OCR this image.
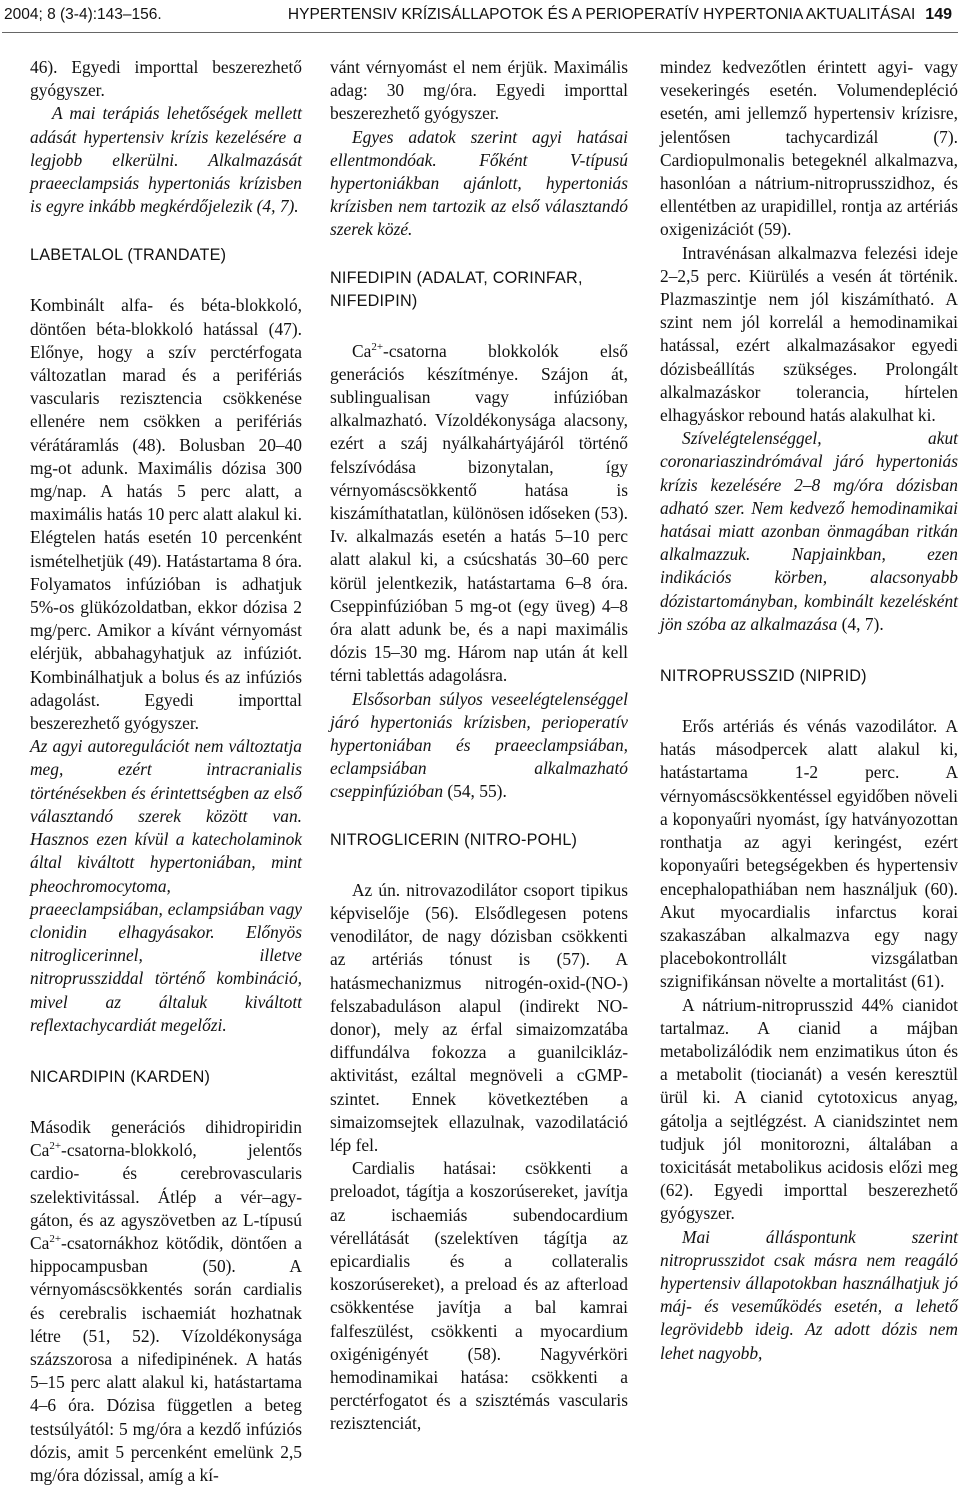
2004; 8 (3-4):143–156.	HYPERTENSIV KRÍZISÁLLAPOTOK ÉS A PERIOPERATÍV HYPERTONIA AKTUALITÁSAI 149

46). Egyedi importtal beszerezhető gyógyszer.

A mai terápiás lehetőségek mellett adását hypertensiv krízis kezelésére a legjobb elkerülni. Alkalmazását praeeclampsiás hypertoniás krízisben is egyre inkább megkérdőjelezik (4, 7).

LABETALOL (TRANDATE)

Kombinált alfa- és béta-blokkoló, döntően béta-blokkoló hatással (47). Előnye, hogy a szív perctérfogata változatlan marad és a perifériás vascularis rezisztencia csökkenése ellenére nem csökken a perifériás vérátáramlás (48). Bolusban 20–40 mg-ot adunk. Maximális dózisa 300 mg/nap. A hatás 5 perc alatt, a maximális hatás 10 perc alatt alakul ki. Elégtelen hatás esetén 10 percenként ismételhetjük (49). Hatástartama 8 óra. Folyamatos infúzióban is adhatjuk 5%-os glükózoldatban, ekkor dózisa 2 mg/perc. Amikor a kívánt vérnyomást elérjük, abbahagyhatjuk az infúziót. Kombinálhatjuk a bolus és az infúziós adagolást. Egyedi importtal beszerezhető gyógyszer.

Az agyi autoregulációt nem változtatja meg, ezért intracranialis történésekben és érintettségben az első választandó szerek között van. Hasznos ezen kívül a katecholaminok által kiváltott hypertoniában, mint pheochromocytoma, praeeclampsiában, eclampsiában vagy clonidin elhagyásakor. Előnyös nitroglicerinnel, illetve nitroprussziddal történő kombináció, mivel az általuk kiváltott reflextachycardiát megelőzi.

NICARDIPIN (KARDEN)

Második generációs dihidropiridin $Ca^{2+}-csatorna$-blokkoló, jelentős cardio- és cerebrovascularis szelektivitással. Átlép a vér–agy-gáton, és az agyszövetben az L-típusú $Ca^{2+}$-csatornákhoz kötődik, döntően a hippocampusban (50). A vérnyomáscsökkentés során cardialis és cerebralis ischaemiát hozhatnak létre (51, 52). Vízoldékonysága százszorosa a nifedipinének. A hatás 5–15 perc alatt alakul ki, hatástartama 4–6 óra. Dózisa független a beteg testsúlyától: 5 mg/óra a kezdő infúziós dózis, amit 5 percenként emelünk 2,5 mg/óra dózissal, amíg a kí-

vánt vérnyomást el nem érjük. Maximális adag: 30 mg/óra. Egyedi importtal beszerezhető gyógyszer.

Egyes adatok szerint agyi hatásai ellentmondóak. Főként V-típusú hypertoniákban ajánlott, hypertoniás krízisben nem tartozik az első választandó szerek közé.

NIFEDIPIN (ADALAT, CORINFAR, NIFEDIPIN)

$Ca^{2+}$-csatorna blokkolók első generációs készítménye. Szájon át, sublingualisan vagy infúzióban alkalmazható. Vízoldékonysága alacsony, ezért a száj nyálkahártyájáról történő felszívódása bizonytalan, így vérnyomáscsökkentő hatása is kiszámíthatatlan, különösen időseken (53). Iv. alkalmazás esetén a hatás 5–10 perc alatt alakul ki, a csúcshatás 30–60 perc körül jelentkezik, hatástartama 6–8 óra. Cseppinfúzióban 5 mg-ot (egy üveg) 4–8 óra alatt adunk be, és a napi maximális dózis 15–30 mg. Három nap után át kell térni tablettás adagolásra.

Elsősorban súlyos veseelégtelenséggel járó hypertoniás krízisben, perioperatív hypertoniában és praeeclampsiában, eclampsiában alkalmazható cseppinfúzióban (54, 55).

NITROGLICERIN (NITRO-POHL)

Az ún. nitrovazodilátor csoport tipikus képviselője (56). Elsődlegesen potens venodilátor, de nagy dózisban csökkenti az artériás tónust is (57). A hatásmechanizmus nitrogén-oxid-(NO-) felszabaduláson alapul (indirekt NO-donor), mely az érfal simaizomzatába diffundálva fokozza a guanilcikláz-aktivitást, ezáltal megnöveli a cGMP-szintet. Ennek következtében a simaizomsejtek ellazulnak, vazodilatáció lép fel.

Cardialis hatásai: csökkenti a preloadot, tágítja a koszorúsereket, javítja az ischaemiás subendocardium vérellátását (szelektíven tágítja az epicardialis és a collateralis koszorúsereket), a preload és az afterload csökkentése javítja a bal kamrai falfeszülést, csökkenti a myocardium oxigénigényét (58). Nagyvérköri hemodinamikai hatása: csökkenti a perctérfogatot és a szisztémás vascularis rezisztenciát,

mindez kedvezőtlen érintett agyi- vagy vesekeringés esetén. Volumendepléció esetén, ami jellemző hypertensiv krízisre, jelentősen tachycardizál (7). Cardiopulmonalis betegeknél alkalmazva, hasonlóan a nátrium-nitroprusszidhoz, és ellentétben az urapidillel, rontja az artériás oxigenizációt (59).

Intravénásan alkalmazva felezési ideje 2–2,5 perc. Kiürülés a vesén át történik. Plazmaszintje nem jól kiszámítható. A szint nem jól korrelál a hemodinamikai hatással, ezért alkalmazásakor egyedi dózisbeállítás szükséges. Prolongált alkalmazáskor tolerancia, hírtelen elhagyáskor rebound hatás alakulhat ki.

Szívelégtelenséggel, akut coronariaszindrómával járó hypertoniás krízis kezelésére 2–8 mg/óra dózisban adható szer. Nem kedvező hemodinamikai hatásai miatt azonban önmagában ritkán alkalmazzuk. Napjainkban, ezen indikációs körben, alacsonyabb dózistartományban, kombinált kezelésként jön szóba az alkalmazása (4, 7).

NITROPRUSSZID (NIPRID)

Erős artériás és vénás vazodilátor. A hatás másodpercek alatt alakul ki, hatástartama 1-2 perc. A vérnyomáscsökkentéssel egyidőben növeli a koponyaűri nyomást, így hatványozottan ronthatja az agyi keringést, ezért koponyaűri betegségekben és hypertensiv encephalopathiában nem használjuk (60). Akut myocardialis infarctus korai szakaszában alkalmazva egy nagy placebokontrollált vizsgálatban szignifikánsan növelte a mortalitást (61).

A nátrium-nitroprusszid 44% cianidot tartalmaz. A cianid a májban metabolizálódik nem enzimatikus úton és a metabolit (tiocianát) a vesén keresztül ürül ki. A cianid cytotoxicus anyag, gátolja a sejtlégzést. A cianidszintet nem tudjuk jól monitorozni, általában a toxicitását metabolikus acidosis előzi meg (62). Egyedi importtal beszerezhető gyógyszer.

Mai álláspontunk szerint nitroprusszidot csak másra nem reagáló hypertensiv állapotokban használhatjuk jó máj- és veseműködés esetén, a lehető legrövidebb ideig. Az adott dózis nem lehet nagyobb,
